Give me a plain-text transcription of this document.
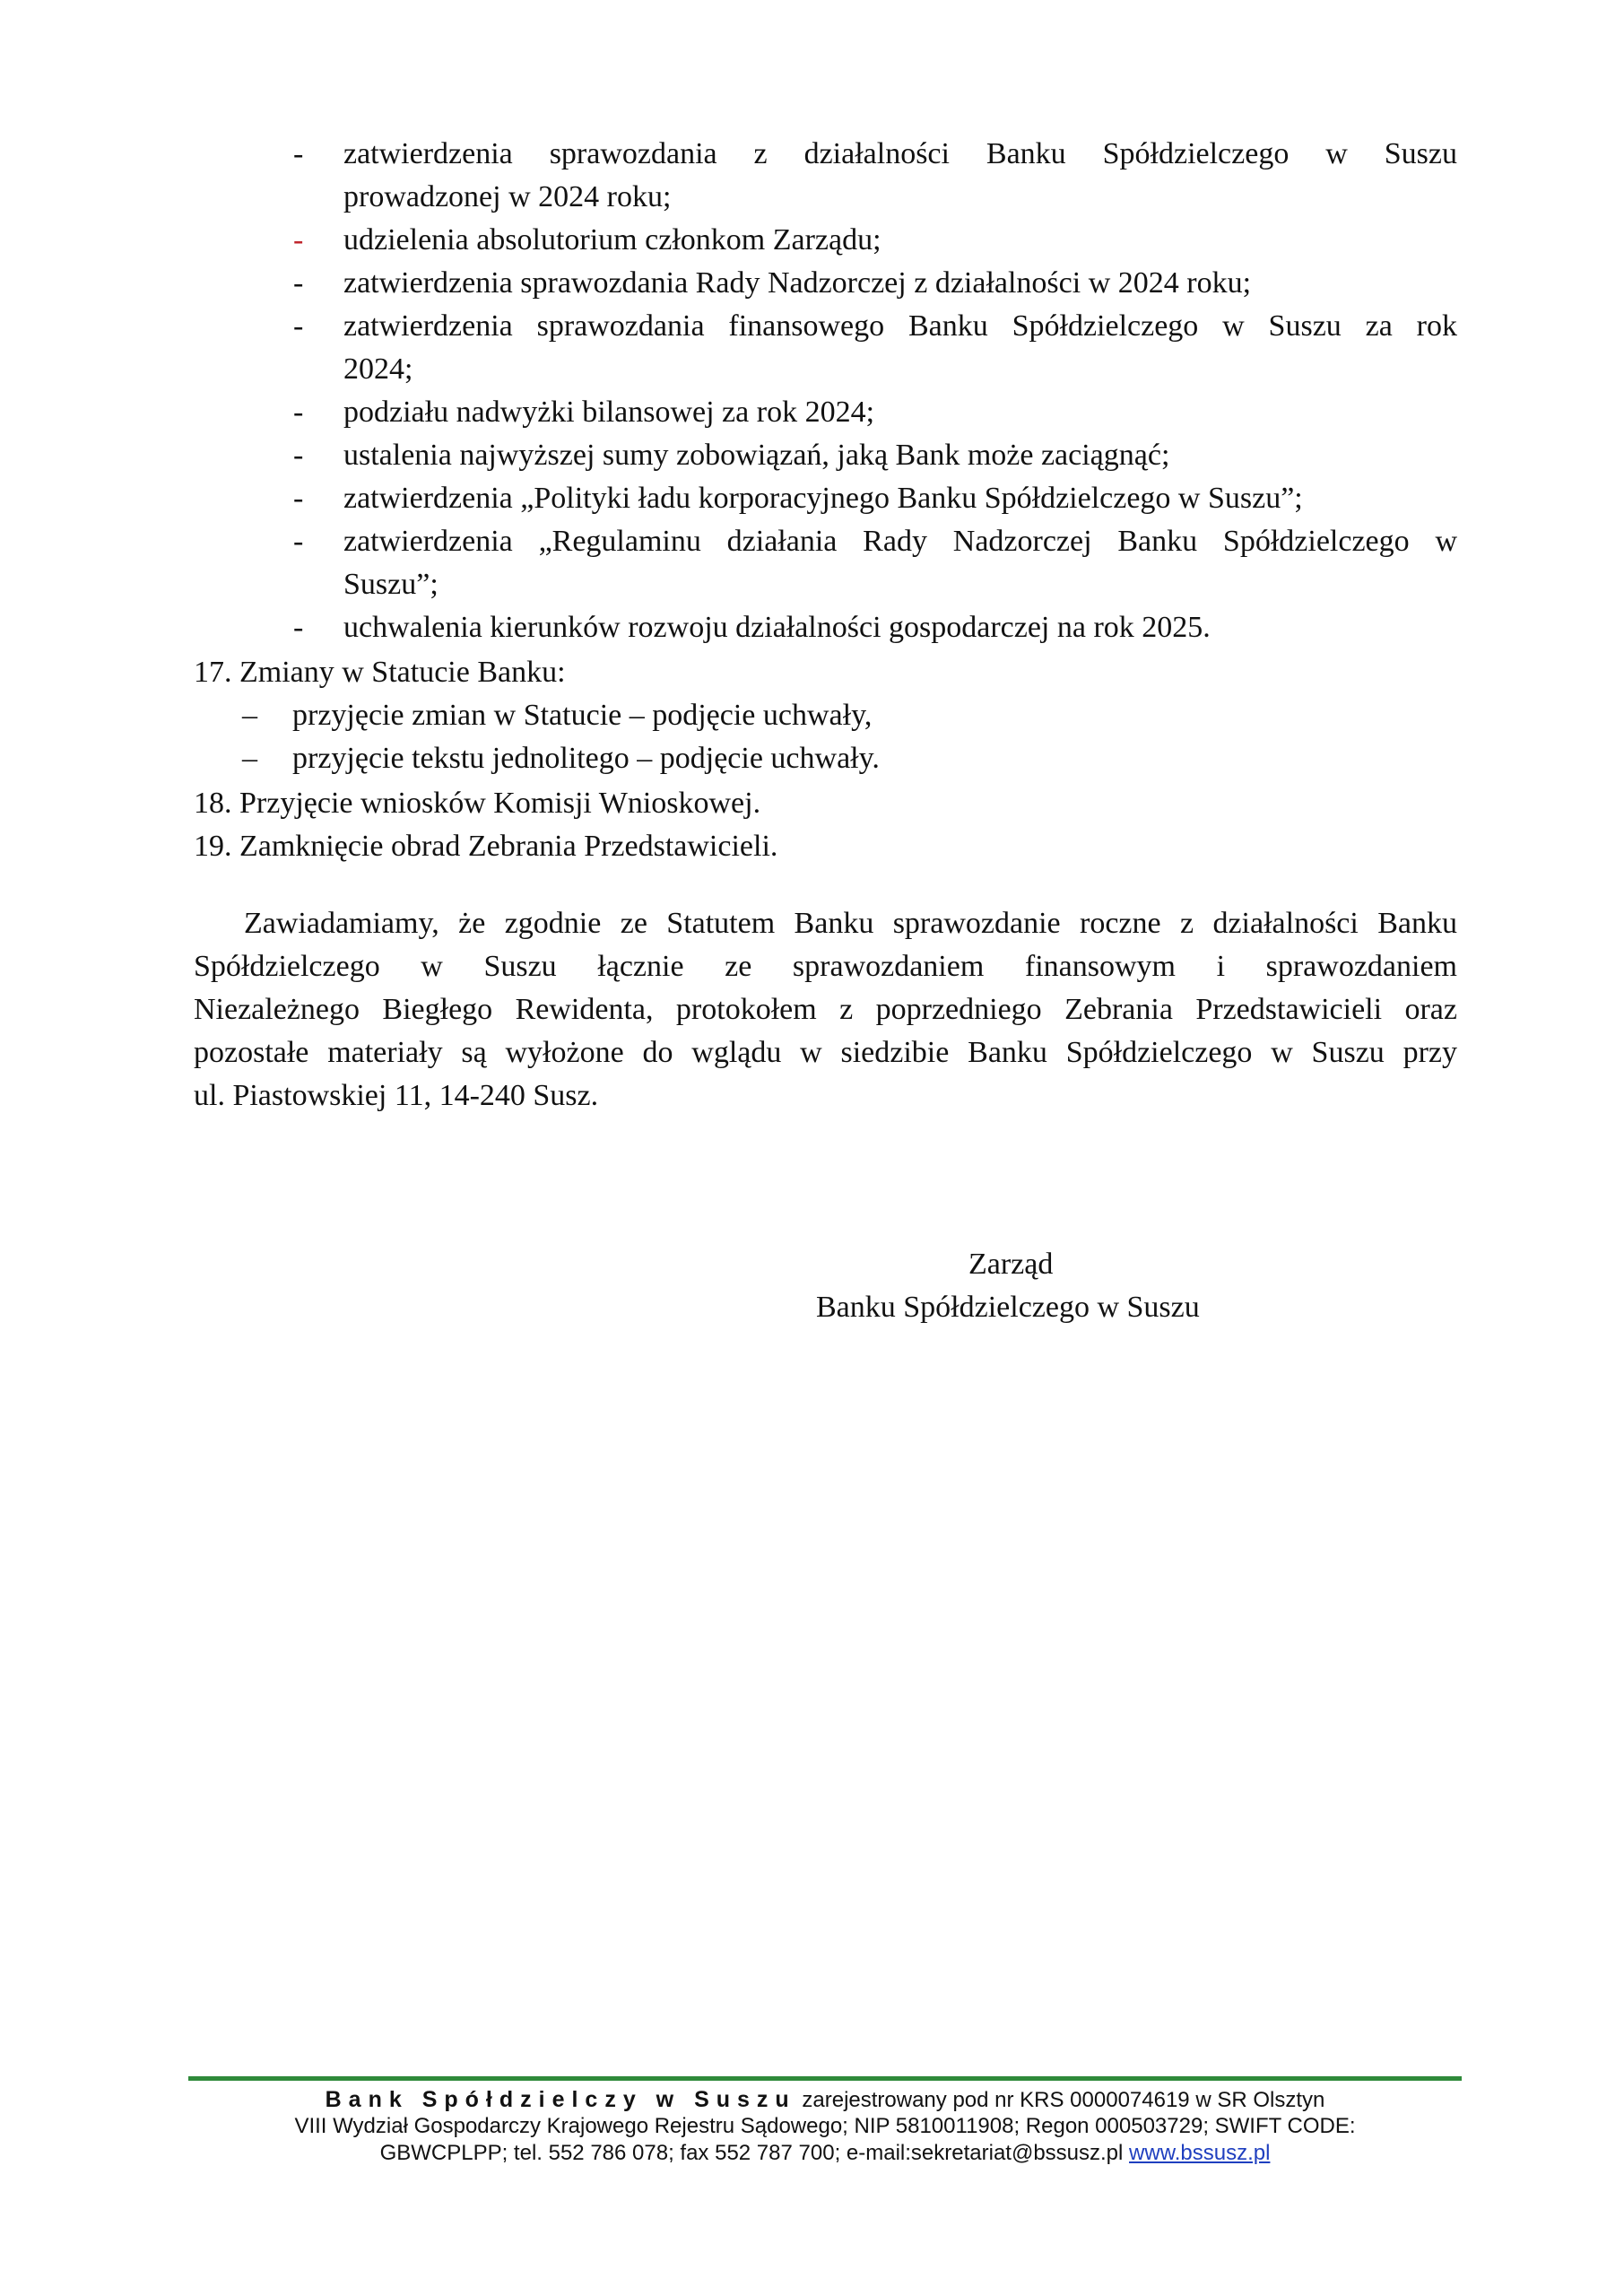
- zatwierdzenia sprawozdania z działalności Banku Spółdzielczego w Suszu
prowadzonej w 2024 roku;
- udzielenia absolutorium członkom Zarządu;
- zatwierdzenia sprawozdania Rady Nadzorczej z działalności w 2024 roku;
- zatwierdzenia sprawozdania finansowego Banku Spółdzielczego w Suszu za rok
2024;
- podziału nadwyżki bilansowej za rok 2024;
- ustalenia najwyższej sumy zobowiązań, jaką Bank może zaciągnąć;
- zatwierdzenia „Polityki ładu korporacyjnego Banku Spółdzielczego w Suszu”;
- zatwierdzenia „Regulaminu działania Rady Nadzorczej Banku Spółdzielczego w
Suszu”;
- uchwalenia kierunków rozwoju działalności gospodarczej na rok 2025.
17. Zmiany w Statucie Banku:
– przyjęcie zmian w Statucie – podjęcie uchwały,
– przyjęcie tekstu jednolitego – podjęcie uchwały.
18. Przyjęcie wniosków Komisji Wnioskowej.
19. Zamknięcie obrad Zebrania Przedstawicieli.
Zawiadamiamy, że zgodnie ze Statutem Banku sprawozdanie roczne z działalności Banku
Spółdzielczego w Suszu łącznie ze sprawozdaniem finansowym i sprawozdaniem
Niezależnego Biegłego Rewidenta, protokołem z poprzedniego Zebrania Przedstawicieli oraz
pozostałe materiały są wyłożone do wglądu w siedzibie Banku Spółdzielczego w Suszu przy
ul. Piastowskiej 11, 14-240 Susz.
Zarząd
Banku Spółdzielczego w Suszu
Bank Spółdzielczy w Suszu zarejestrowany pod nr KRS 0000074619 w SR Olsztyn
VIII Wydział Gospodarczy Krajowego Rejestru Sądowego; NIP 5810011908; Regon 000503729; SWIFT CODE:
GBWCPLPP; tel. 552 786 078; fax 552 787 700; e-mail:sekretariat@bssusz.pl www.bssusz.pl
